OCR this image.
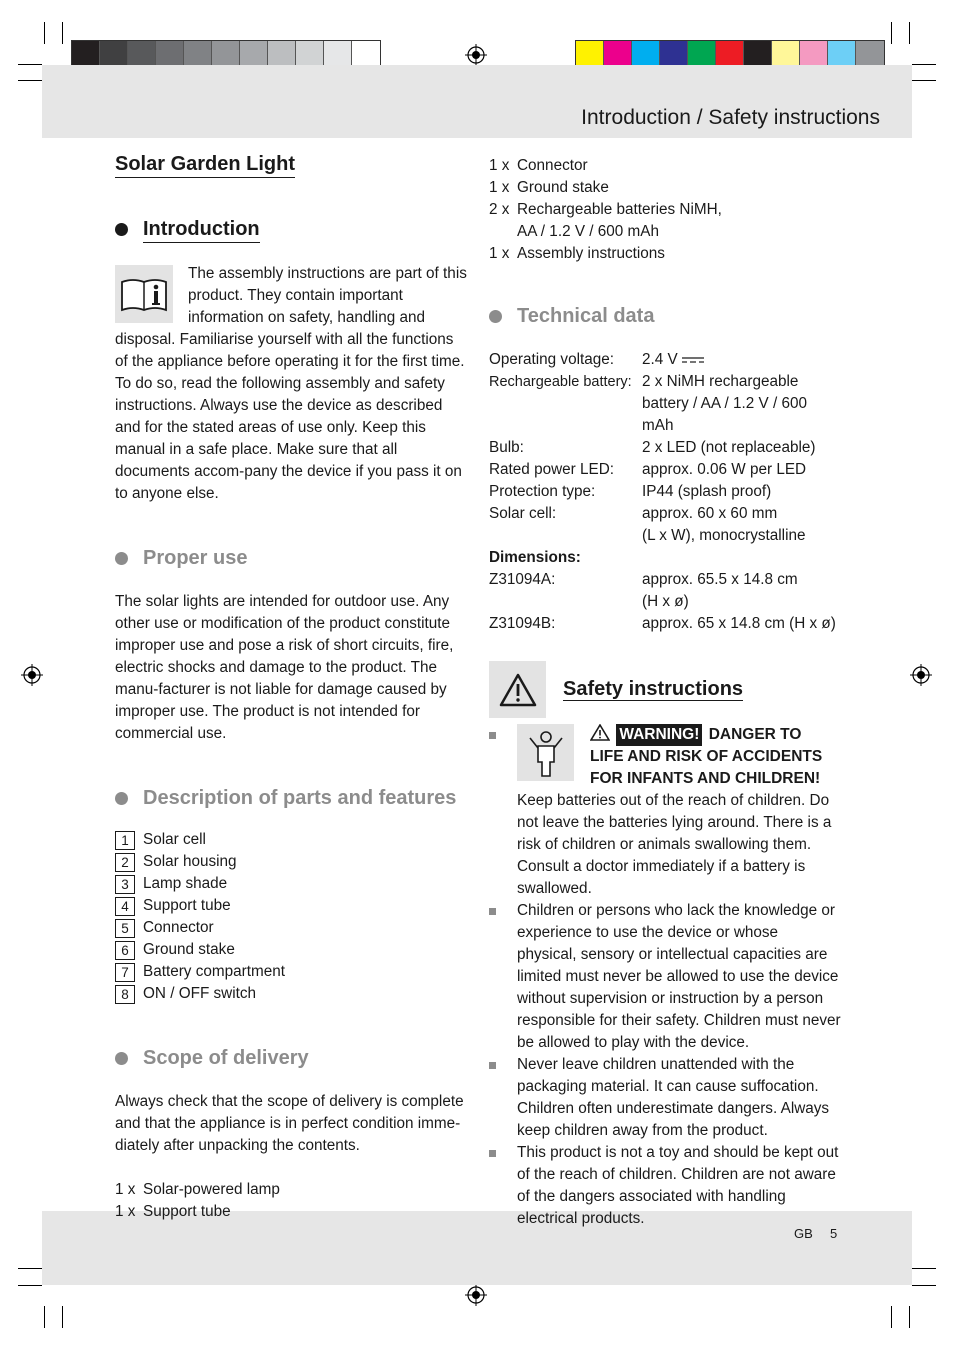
Introduction / Safety instructions
GB 5
Solar Garden Light
Introduction

The assembly instructions are part of this product. They contain important information on safety, handling and

disposal. Familiarise yourself with all the functions of the appliance before operating it for the first time. To do so, read the following assembly and safety instructions. Always use the device as described and for the stated areas of use only. Keep this manual in a safe place. Make sure that all documents accom-pany the device if you pass it on to anyone else.

Proper use

The solar lights are intended for outdoor use. Any other use or modification of the product constitute improper use and pose a risk of short circuits, fire, electric shocks and damage to the product. The manu-facturer is not liable for damage caused by improper use. The product is not intended for commercial use.

Description of parts and features
1 Solar cell
2 Solar housing
3 Lamp shade
4 Support tube
5 Connector
6 Ground stake
7 Battery compartment
8 ON / OFF switch
Scope of delivery

Always check that the scope of delivery is complete and that the appliance is in perfect condition imme-diately after unpacking the contents.

1 x Solar-powered lamp
1 x Support tube
1 x Connector
1 x Ground stake
2 x Rechargeable batteries NiMH,
AA / 1.2 V / 600 mAh
1 x Assembly instructions
Technical data
Operating voltage:	2.4 V
Rechargeable battery: 2 x NiMH rechargeable
battery / AA / 1.2 V / 600 mAh
Bulb:	2 x LED (not replaceable)
Rated power LED:	approx. 0.06 W per LED
Protection type:	IP44 (splash proof)
Solar cell:	approx. 60 x 60 mm
(L x W), monocrystalline
Dimensions:
Z31094A:	approx. 65.5 x 14.8 cm
(H x ø)
Z31094B:	approx. 65 x 14.8 cm (H x ø)
Safety instructions
WARNING! DANGER TO
LIFE AND RISK OF ACCIDENTS
FOR INFANTS AND CHILDREN!

Keep batteries out of the reach of children. Do not leave the batteries lying around. There is a risk of children or animals swallowing them. Consult a doctor immediately if a battery is swallowed.

Children or persons who lack the knowledge or experience to use the device or whose physical, sensory or intellectual capacities are limited must never be allowed to use the device without supervision or instruction by a person responsible for their safety. Children must never be allowed to play with the device.

Never leave children unattended with the packaging material. It can cause suffocation. Children often underestimate dangers. Always keep children away from the product.

This product is not a toy and should be kept out of the reach of children. Children are not aware of the dangers associated with handling electrical products.
